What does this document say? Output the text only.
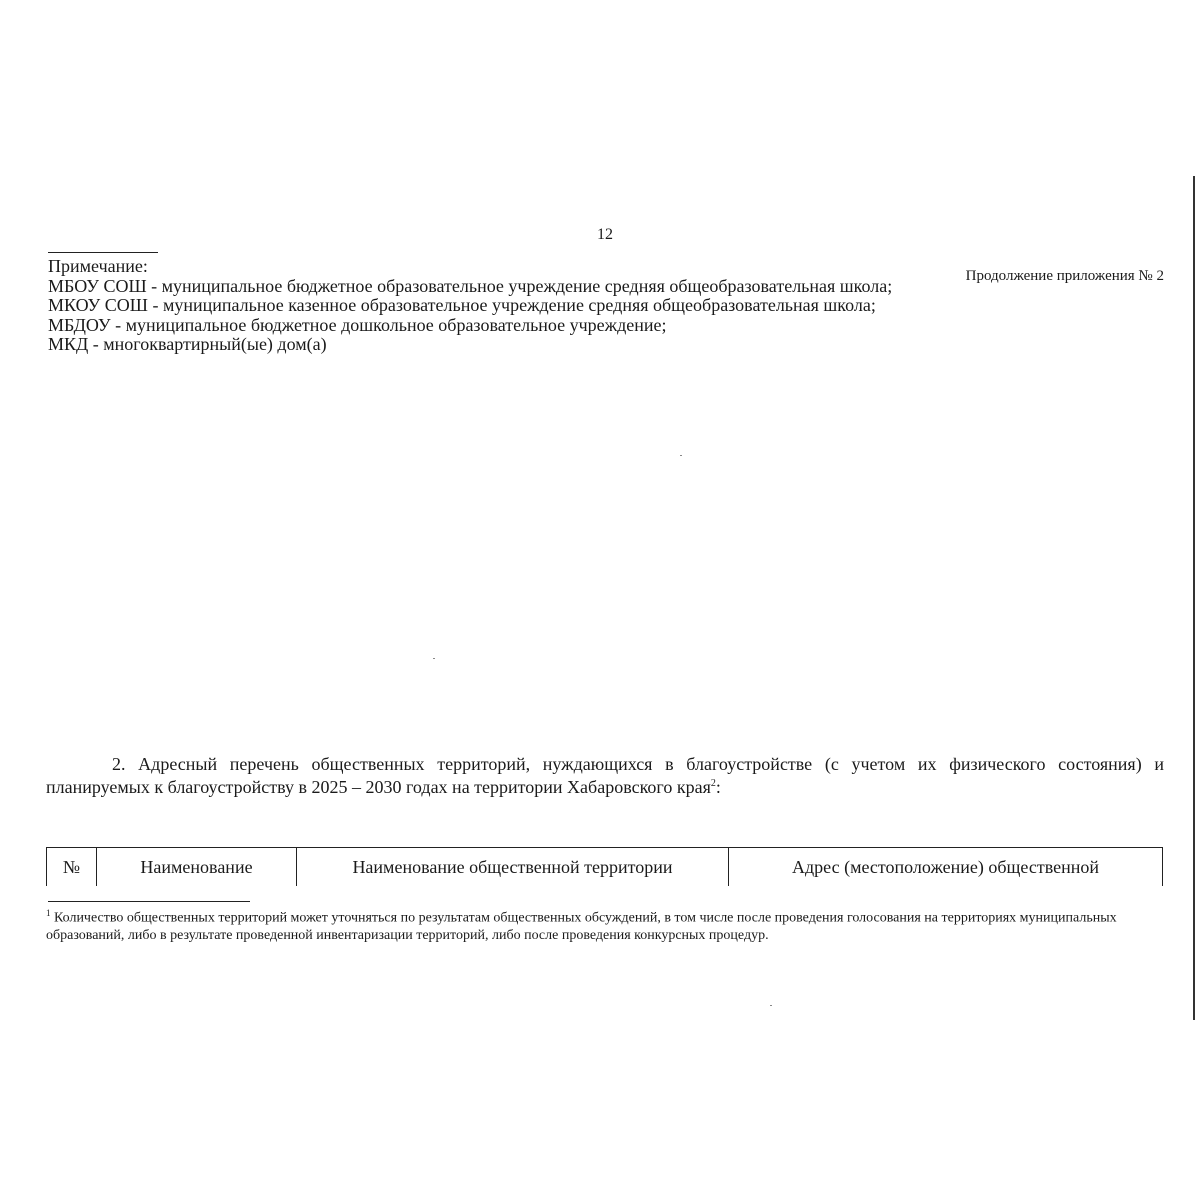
12
Продолжение приложения № 2
Примечание:
МБОУ СОШ - муниципальное бюджетное образовательное учреждение средняя общеобразовательная школа;
МКОУ СОШ - муниципальное казенное образовательное учреждение средняя общеобразовательная школа;
МБДОУ - муниципальное бюджетное дошкольное образовательное учреждение;
МКД - многоквартирный(ые) дом(а)
2. Адресный перечень общественных территорий, нуждающихся в благоустройстве (с учетом их физического состояния) и
планируемых к благоустройству в 2025 – 2030 годах на территории Хабаровского края$^2$:
№	Наименование	Наименование общественной территории	Адрес (местоположение) общественной
$^1$ Количество общественных территорий может уточняться по результатам общественных обсуждений, в том числе после проведения голосования на территориях муниципальных образований, либо в результате проведенной инвентаризации территорий, либо после проведения конкурсных процедур.
